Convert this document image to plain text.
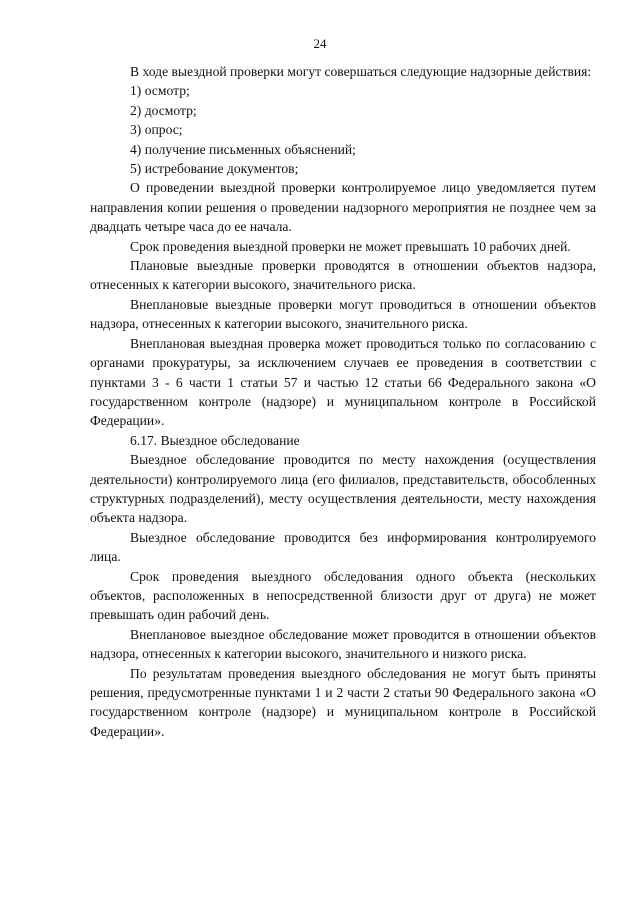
24

В ходе выездной проверки могут совершаться следующие надзорные действия:

1) осмотр;

2) досмотр;

3) опрос;

4) получение письменных объяснений;

5) истребование документов;

О проведении выездной проверки контролируемое лицо уведомляется путем направления копии решения о проведении надзорного мероприятия не позднее чем за двадцать четыре часа до ее начала.

Срок проведения выездной проверки не может превышать 10 рабочих дней.

Плановые выездные проверки проводятся в отношении объектов надзора, отнесенных к категории высокого, значительного риска.

Внеплановые выездные проверки могут проводиться в отношении объектов надзора, отнесенных к категории высокого, значительного риска.

Внеплановая выездная проверка может проводиться только по согласованию с органами прокуратуры, за исключением случаев ее проведения в соответствии с пунктами 3 - 6 части 1 статьи 57 и частью 12 статьи 66 Федерального закона «О государственном контроле (надзоре) и муниципальном контроле в Российской Федерации».

6.17. Выездное обследование

Выездное обследование проводится по месту нахождения (осуществления деятельности) контролируемого лица (его филиалов, представительств, обособленных структурных подразделений), месту осуществления деятельности, месту нахождения объекта надзора.

Выездное обследование проводится без информирования контролируемого лица.

Срок проведения выездного обследования одного объекта (нескольких объектов, расположенных в непосредственной близости друг от друга) не может превышать один рабочий день.

Внеплановое выездное обследование может проводится в отношении объектов надзора, отнесенных к категории высокого, значительного и низкого риска.

По результатам проведения выездного обследования не могут быть приняты решения, предусмотренные пунктами 1 и 2 части 2 статьи 90 Федерального закона «О государственном контроле (надзоре) и муниципальном контроле в Российской Федерации».
